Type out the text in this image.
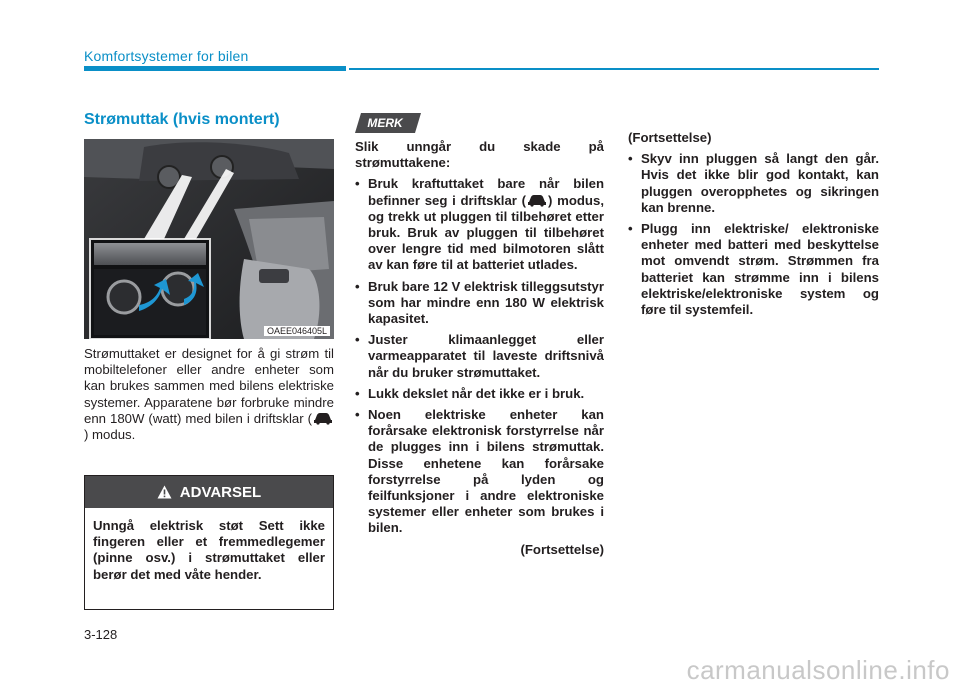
Komfortsystemer for bilen
Strømuttak (hvis montert)
OAEE046405L
Strømuttaket er designet for å gi strøm til mobiltelefoner eller andre enheter som kan brukes sammen med bilens elektriske systemer. Apparatene bør forbruke mindre enn 180W (watt) med bilen i driftsklar () modus.
ADVARSEL
Unngå elektrisk støt Sett ikke fingeren eller et fremmedlegemer (pinne osv.) i strømuttaket eller berør det med våte hender.
MERK

Slik unngår du skade på strømuttakene:

• Bruk kraftuttaket bare når bilen befinner seg i driftsklar ( ) modus, og trekk ut pluggen til tilbehøret etter bruk. Bruk av pluggen til tilbehøret over lengre tid med bilmotoren slått av kan føre til at batteriet utlades.
• Bruk bare 12 V elektrisk tilleggsutstyr som har mindre enn 180 W elektrisk kapasitet.
• Juster klimaanlegget eller varmeapparatet til laveste driftsnivå når du bruker strømuttaket.
• Lukk dekslet når det ikke er i bruk.
• Noen elektriske enheter kan forårsake elektronisk forstyrrelse når de plugges inn i bilens strømuttak. Disse enhetene kan forårsake forstyrrelse på lyden og feilfunksjoner i andre elektroniske systemer eller enheter som brukes i bilen.

(Fortsettelse)

(Fortsettelse)

• Skyv inn pluggen så langt den går. Hvis det ikke blir god kontakt, kan pluggen overopphetes og sikringen kan brenne.
• Plugg inn elektriske/ elektroniske enheter med batteri med beskyttelse mot omvendt strøm. Strømmen fra batteriet kan strømme inn i bilens elektriske/elektroniske system og føre til systemfeil.
3-128
carmanualsonline.info
